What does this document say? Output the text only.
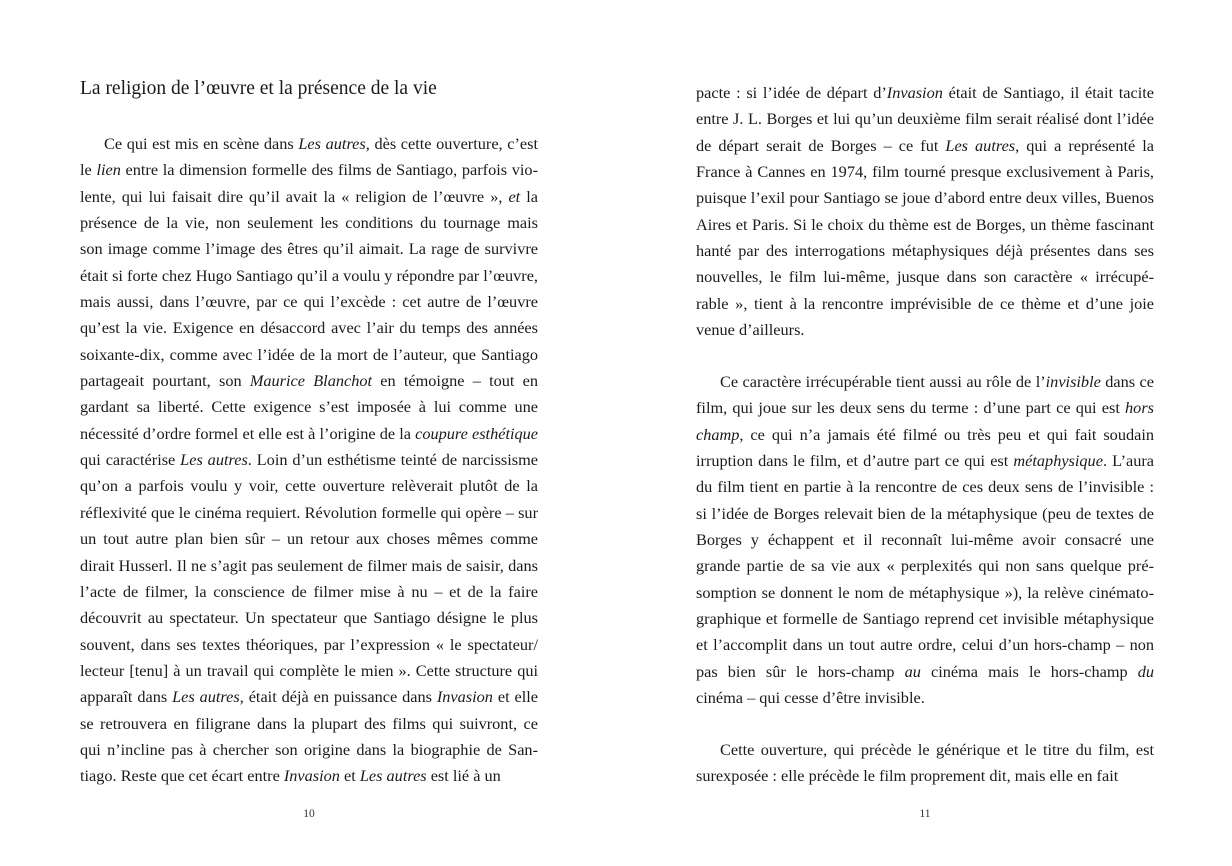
La religion de l’œuvre et la présence de la vie
Ce qui est mis en scène dans Les autres, dès cette ouverture, c’est
le lien entre la dimension formelle des films de Santiago, parfois vio-
lente, qui lui faisait dire qu’il avait la « religion de l’œuvre », et la
présence de la vie, non seulement les conditions du tournage mais
son image comme l’image des êtres qu’il aimait. La rage de survivre
était si forte chez Hugo Santiago qu’il a voulu y répondre par l’œuvre,
mais aussi, dans l’œuvre, par ce qui l’excède : cet autre de l’œuvre
qu’est la vie. Exigence en désaccord avec l’air du temps des années
soixante-dix, comme avec l’idée de la mort de l’auteur, que Santiago
partageait pourtant, son Maurice Blanchot en témoigne – tout en
gardant sa liberté. Cette exigence s’est imposée à lui comme une
nécessité d’ordre formel et elle est à l’origine de la coupure esthétique
qui caractérise Les autres. Loin d’un esthétisme teinté de narcissisme
qu’on a parfois voulu y voir, cette ouverture relèverait plutôt de la
réflexivité que le cinéma requiert. Révolution formelle qui opère – sur
un tout autre plan bien sûr – un retour aux choses mêmes comme
dirait Husserl. Il ne s’agit pas seulement de filmer mais de saisir, dans
l’acte de filmer, la conscience de filmer mise à nu – et de la faire
découvrit au spectateur. Un spectateur que Santiago désigne le plus
souvent, dans ses textes théoriques, par l’expression « le spectateur/
lecteur [tenu] à un travail qui complète le mien ». Cette structure qui
apparaît dans Les autres, était déjà en puissance dans Invasion et elle
se retrouvera en filigrane dans la plupart des films qui suivront, ce
qui n’incline pas à chercher son origine dans la biographie de San-
tiago. Reste que cet écart entre Invasion et Les autres est lié à un
10
pacte : si l’idée de départ d’Invasion était de Santiago, il était tacite
entre J. L. Borges et lui qu’un deuxième film serait réalisé dont l’idée
de départ serait de Borges – ce fut Les autres, qui a représenté la
France à Cannes en 1974, film tourné presque exclusivement à Paris,
puisque l’exil pour Santiago se joue d’abord entre deux villes, Buenos
Aires et Paris. Si le choix du thème est de Borges, un thème fascinant
hanté par des interrogations métaphysiques déjà présentes dans ses
nouvelles, le film lui-même, jusque dans son caractère « irrécupé-
rable », tient à la rencontre imprévisible de ce thème et d’une joie
venue d’ailleurs.
Ce caractère irrécupérable tient aussi au rôle de l’invisible dans ce
film, qui joue sur les deux sens du terme : d’une part ce qui est hors
champ, ce qui n’a jamais été filmé ou très peu et qui fait soudain
irruption dans le film, et d’autre part ce qui est métaphysique. L’aura
du film tient en partie à la rencontre de ces deux sens de l’invisible :
si l’idée de Borges relevait bien de la métaphysique (peu de textes de
Borges y échappent et il reconnaît lui-même avoir consacré une
grande partie de sa vie aux « perplexités qui non sans quelque pré-
somption se donnent le nom de métaphysique »), la relève cinémato-
graphique et formelle de Santiago reprend cet invisible métaphysique
et l’accomplit dans un tout autre ordre, celui d’un hors-champ – non
pas bien sûr le hors-champ au cinéma mais le hors-champ du
cinéma – qui cesse d’être invisible.
Cette ouverture, qui précède le générique et le titre du film, est
surexposée : elle précède le film proprement dit, mais elle en fait
11
